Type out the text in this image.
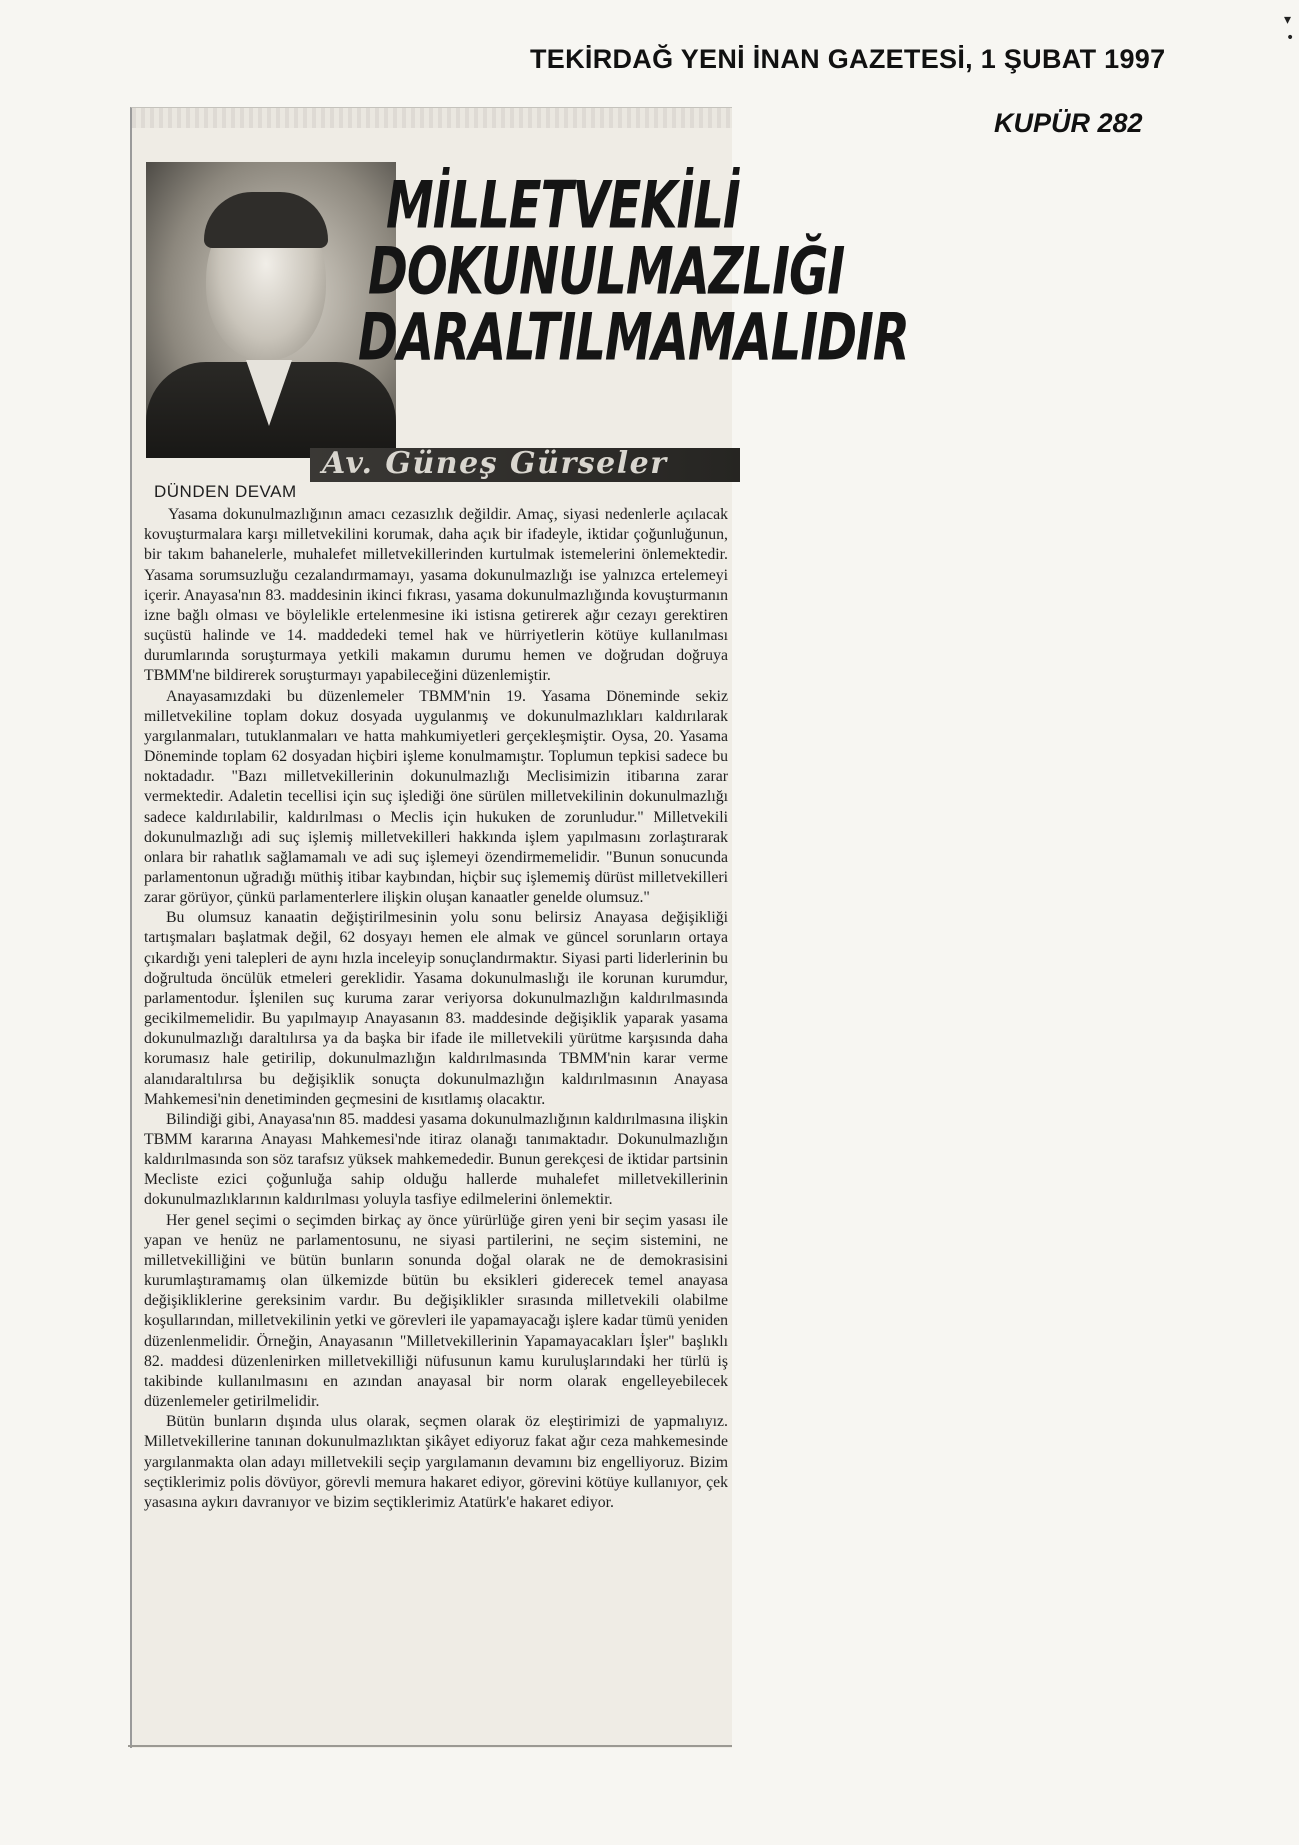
TEKİRDAĞ YENİ İNAN GAZETESİ, 1 ŞUBAT 1997
KUPÜR 282
▾
•
MİLLETVEKİLİ
DOKUNULMAZLIĞI
DARALTILMAMALIDIR
Av. Güneş Gürseler
DÜNDEN DEVAM

Yasama dokunulmazlığının amacı cezasızlık değildir. Amaç, siyasi nedenlerle açılacak kovuşturmalara karşı milletvekilini korumak, daha açık bir ifadeyle, iktidar çoğunluğunun, bir takım bahanelerle, muhalefet milletvekillerinden kurtulmak istemelerini önlemektedir. Yasama sorumsuzluğu cezalandırmamayı, yasama dokunulmazlığı ise yalnızca ertelemeyi içerir. Anayasa'nın 83. maddesinin ikinci fıkrası, yasama dokunulmazlığında kovuşturmanın izne bağlı olması ve böylelikle ertelenmesine iki istisna getirerek ağır cezayı gerektiren suçüstü halinde ve 14. maddedeki temel hak ve hürriyetlerin kötüye kullanılması durumlarında soruşturmaya yetkili makamın durumu hemen ve doğrudan doğruya TBMM'ne bildirerek soruşturmayı yapabileceğini düzenlemiştir.

Anayasamızdaki bu düzenlemeler TBMM'nin 19. Yasama Döneminde sekiz milletvekiline toplam dokuz dosyada uygulanmış ve dokunulmazlıkları kaldırılarak yargılanmaları, tutuklanmaları ve hatta mahkumiyetleri gerçekleşmiştir. Oysa, 20. Yasama Döneminde toplam 62 dosyadan hiçbiri işleme konulmamıştır. Toplumun tepkisi sadece bu noktadadır. "Bazı milletvekillerinin dokunulmazlığı Meclisimizin itibarına zarar vermektedir. Adaletin tecellisi için suç işlediği öne sürülen milletvekilinin dokunulmazlığı sadece kaldırılabilir, kaldırılması o Meclis için hukuken de zorunludur." Milletvekili dokunulmazlığı adi suç işlemiş milletvekilleri hakkında işlem yapılmasını zorlaştırarak onlara bir rahatlık sağlamamalı ve adi suç işlemeyi özendirmemelidir. "Bunun sonucunda parlamentonun uğradığı müthiş itibar kaybından, hiçbir suç işlememiş dürüst milletvekilleri zarar görüyor, çünkü parlamenterlere ilişkin oluşan kanaatler genelde olumsuz."

Bu olumsuz kanaatin değiştirilmesinin yolu sonu belirsiz Anayasa değişikliği tartışmaları başlatmak değil, 62 dosyayı hemen ele almak ve güncel sorunların ortaya çıkardığı yeni talepleri de aynı hızla inceleyip sonuçlandırmaktır. Siyasi parti liderlerinin bu doğrultuda öncülük etmeleri gereklidir. Yasama dokunulmaslığı ile korunan kurumdur, parlamentodur. İşlenilen suç kuruma zarar veriyorsa dokunulmazlığın kaldırılmasında gecikilmemelidir. Bu yapılmayıp Anayasanın 83. maddesinde değişiklik yaparak yasama dokunulmazlığı daraltılırsa ya da başka bir ifade ile milletvekili yürütme karşısında daha korumasız hale getirilip, dokunulmazlığın kaldırılmasında TBMM'nin karar verme alanıdaraltılırsa bu değişiklik sonuçta dokunulmazlığın kaldırılmasının Anayasa Mahkemesi'nin denetiminden geçmesini de kısıtlamış olacaktır.

Bilindiği gibi, Anayasa'nın 85. maddesi yasama dokunulmazlığının kaldırılmasına ilişkin TBMM kararına Anayası Mahkemesi'nde itiraz olanağı tanımaktadır. Dokunulmazlığın kaldırılmasında son söz tarafsız yüksek mahkemededir. Bunun gerekçesi de iktidar partsinin Mecliste ezici çoğunluğa sahip olduğu hallerde muhalefet milletvekillerinin dokunulmazlıklarının kaldırılması yoluyla tasfiye edilmelerini önlemektir.

Her genel seçimi o seçimden birkaç ay önce yürürlüğe giren yeni bir seçim yasası ile yapan ve henüz ne parlamentosunu, ne siyasi partilerini, ne seçim sistemini, ne milletvekilliğini ve bütün bunların sonunda doğal olarak ne de demokrasisini kurumlaştıramamış olan ülkemizde bütün bu eksikleri giderecek temel anayasa değişikliklerine gereksinim vardır. Bu değişiklikler sırasında milletvekili olabilme koşullarından, milletvekilinin yetki ve görevleri ile yapamayacağı işlere kadar tümü yeniden düzenlenmelidir. Örneğin, Anayasanın "Milletvekillerinin Yapamayacakları İşler" başlıklı 82. maddesi düzenlenirken milletvekilliği nüfusunun kamu kuruluşlarındaki her türlü iş takibinde kullanılmasını en azından anayasal bir norm olarak engelleyebilecek düzenlemeler getirilmelidir.

Bütün bunların dışında ulus olarak, seçmen olarak öz eleştirimizi de yapmalıyız. Milletvekillerine tanınan dokunulmazlıktan şikâyet ediyoruz fakat ağır ceza mahkemesinde yargılanmakta olan adayı milletvekili seçip yargılamanın devamını biz engelliyoruz. Bizim seçtiklerimiz polis dövüyor, görevli memura hakaret ediyor, görevini kötüye kullanıyor, çek yasasına aykırı davranıyor ve bizim seçtiklerimiz Atatürk'e hakaret ediyor.
